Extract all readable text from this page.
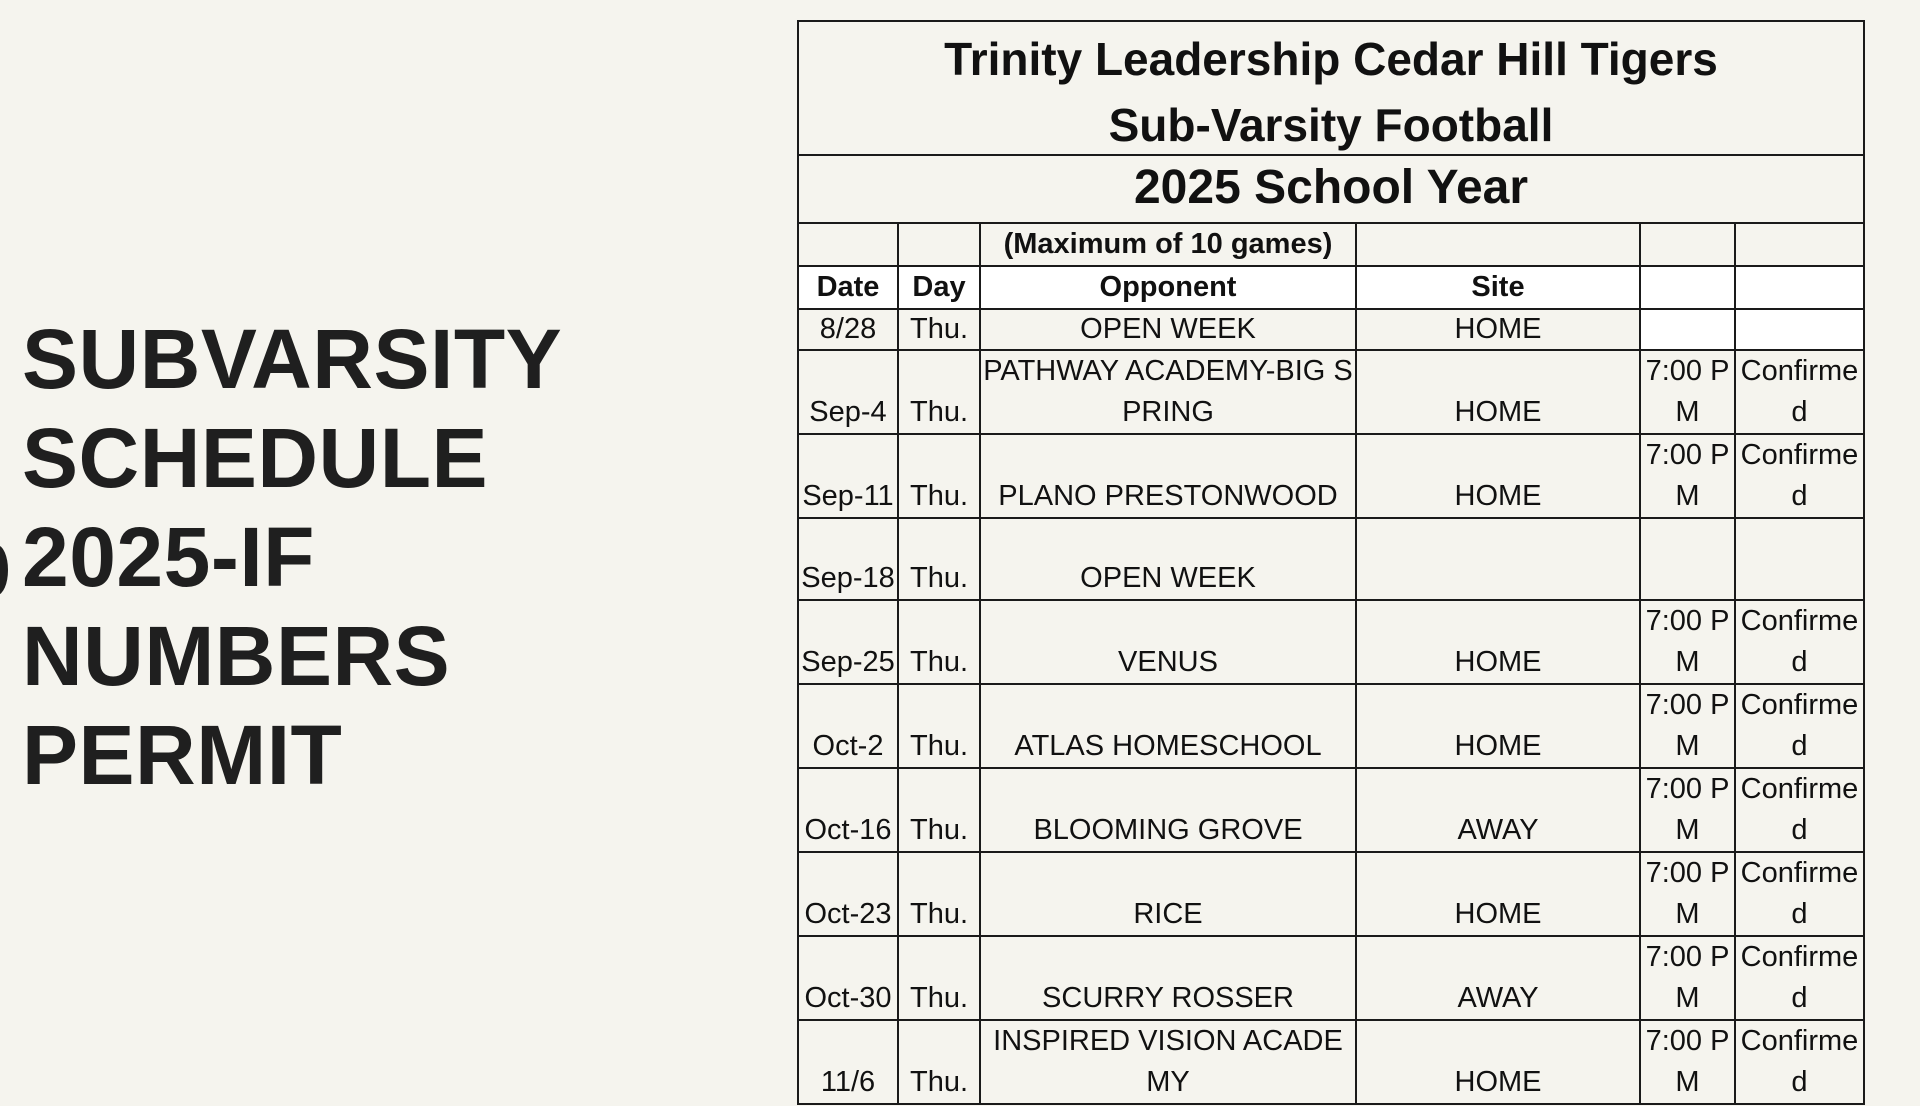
SUBVARSITY
SCHEDULE
2025-IF
NUMBERS
PERMIT
Trinity Leadership Cedar Hill Tigers
Sub-Varsity Football
2025 School Year
		(Maximum of 10 games)			
Date	Day	Opponent	Site		
8/28	Thu.	OPEN WEEK	HOME		
Sep-4	Thu.	PATHWAY ACADEMY-BIG SPRING	HOME	7:00 PM	Confirmed
Sep-11	Thu.	PLANO PRESTONWOOD	HOME	7:00 PM	Confirmed
Sep-18	Thu.	OPEN WEEK			
Sep-25	Thu.	VENUS	HOME	7:00 PM	Confirmed
Oct-2	Thu.	ATLAS HOMESCHOOL	HOME	7:00 PM	Confirmed
Oct-16	Thu.	BLOOMING GROVE	AWAY	7:00 PM	Confirmed
Oct-23	Thu.	RICE	HOME	7:00 PM	Confirmed
Oct-30	Thu.	SCURRY ROSSER	AWAY	7:00 PM	Confirmed
11/6	Thu.	INSPIRED VISION ACADEMY	HOME	7:00 PM	Confirmed
